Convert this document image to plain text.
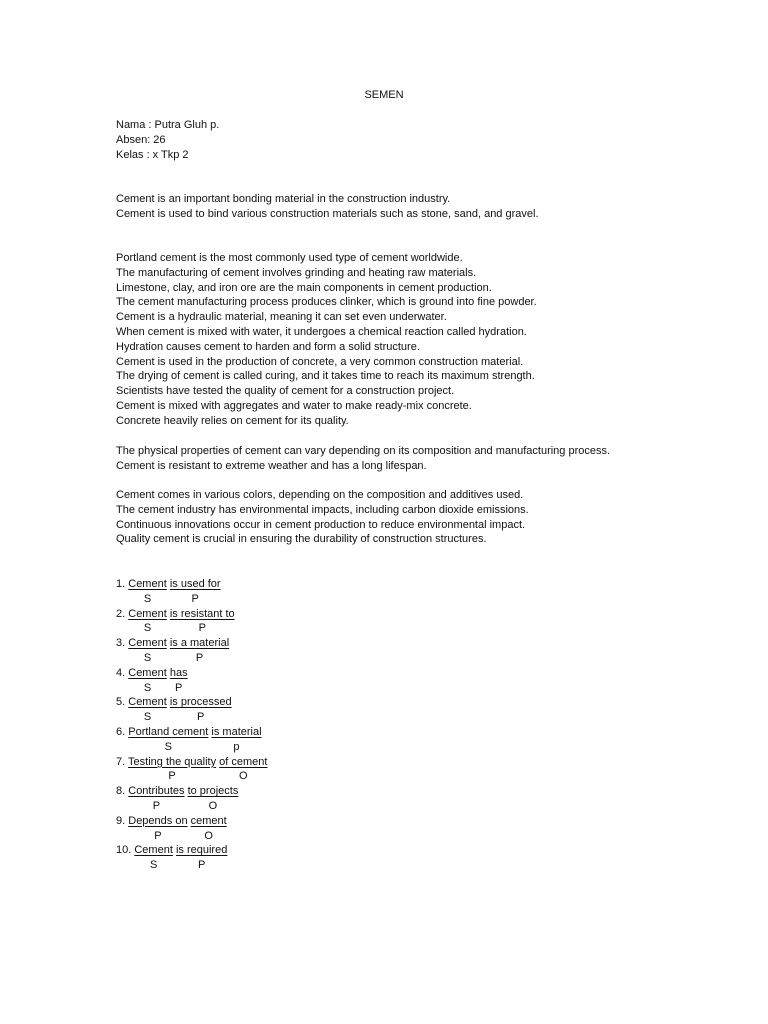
SEMEN
Nama : Putra Gluh p.
Absen: 26
Kelas : x Tkp 2
Cement is an important bonding material in the construction industry.
Cement is used to bind various construction materials such as stone, sand, and gravel.
Portland cement is the most commonly used type of cement worldwide.
The manufacturing of cement involves grinding and heating raw materials.
Limestone, clay, and iron ore are the main components in cement production.
The cement manufacturing process produces clinker, which is ground into fine powder.
Cement is a hydraulic material, meaning it can set even underwater.
When cement is mixed with water, it undergoes a chemical reaction called hydration.
Hydration causes cement to harden and form a solid structure.
Cement is used in the production of concrete, a very common construction material.
The drying of cement is called curing, and it takes time to reach its maximum strength.
Scientists have tested the quality of cement for a construction project.
Cement is mixed with aggregates and water to make ready-mix concrete.
Concrete heavily relies on cement for its quality.
The physical properties of cement can vary depending on its composition and manufacturing process.
Cement is resistant to extreme weather and has a long lifespan.
Cement comes in various colors, depending on the composition and additives used.
The cement industry has environmental impacts, including carbon dioxide emissions.
Continuous innovations occur in cement production to reduce environmental impact.
Quality cement is crucial in ensuring the durability of construction structures.
1. Cement is used for
S	P
2. Cement is resistant to
S	P
3. Cement is a material
S	P
4. Cement has
S P
5. Cement is processed
S	P
6. Portland cement is material
S	p
7. Testing the quality of cement
P	O
8. Contributes to projects
P	O
9. Depends on cement
P	O
10. Cement is required
S	P
